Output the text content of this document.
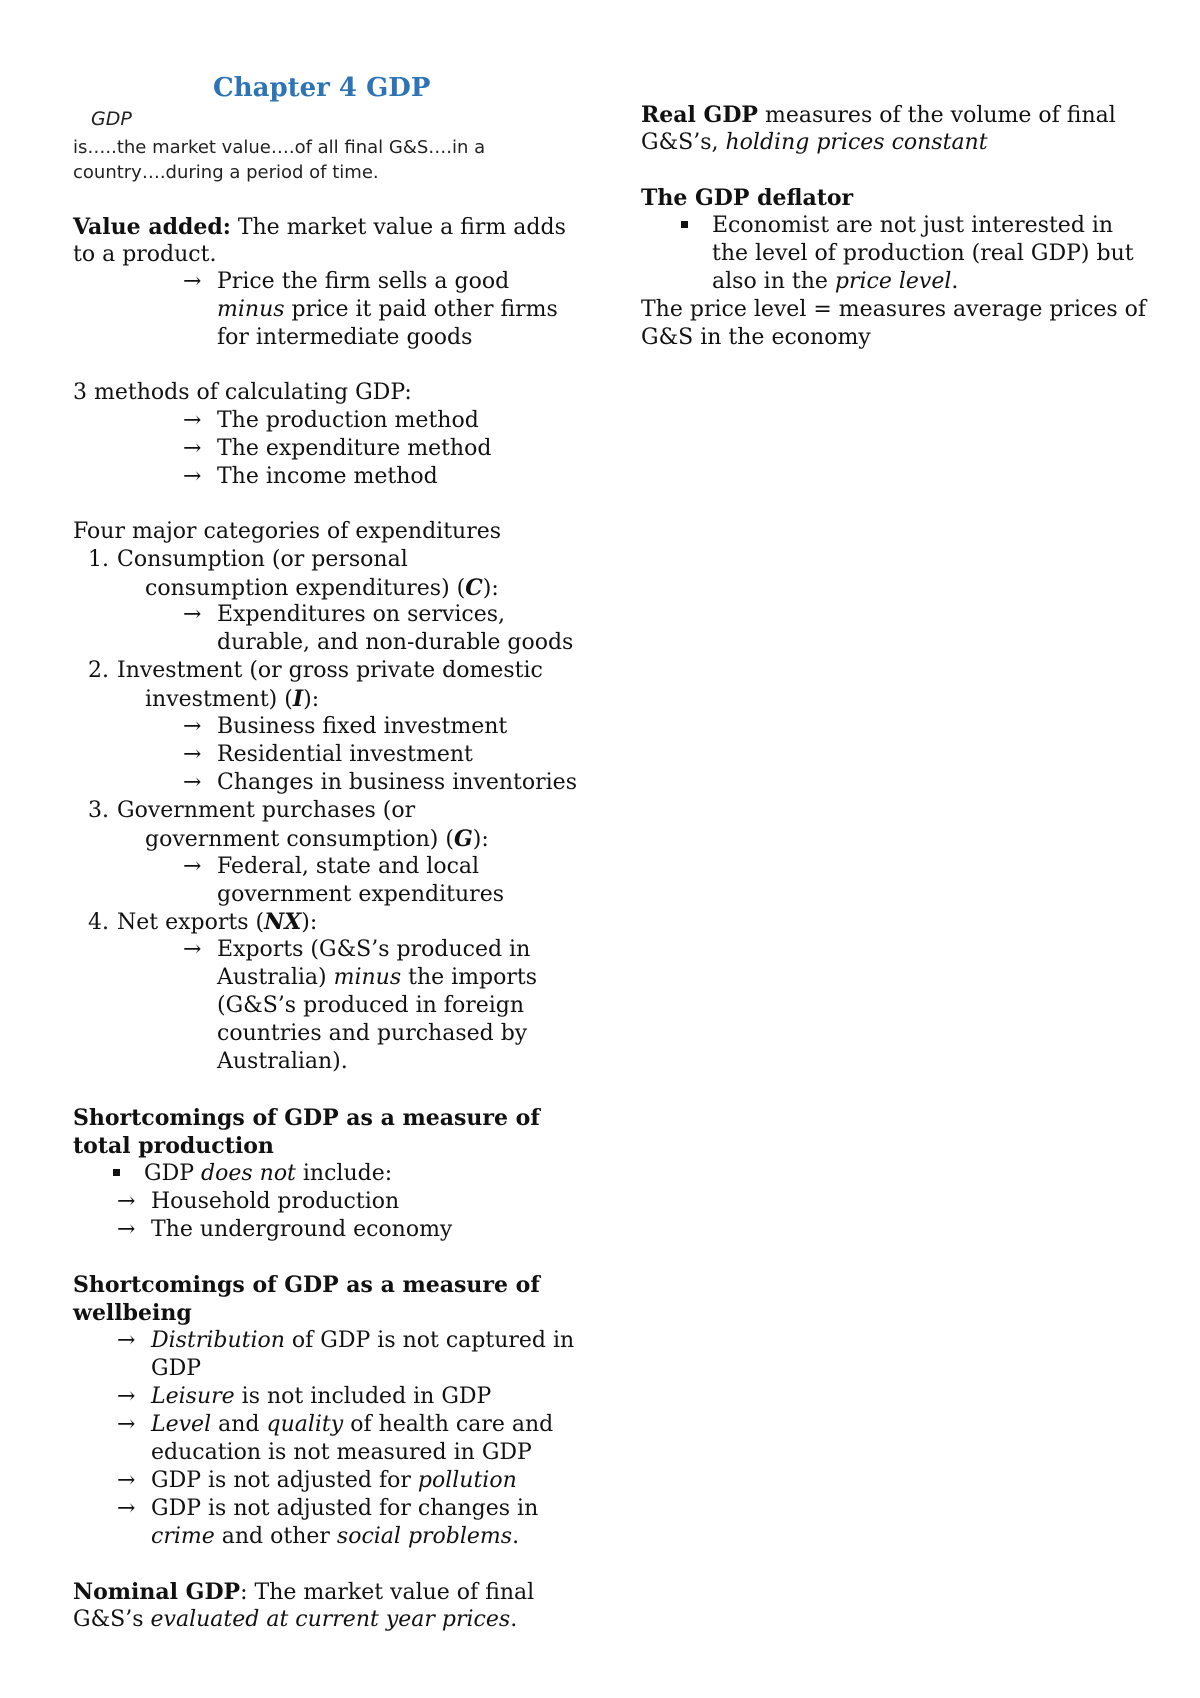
Chapter 4 GDP
GDP
is…..the market value….of all final G&S….in a
country….during a period of time.
Value added: The market value a firm adds
to a product.
→ Price the firm sells a good
minus price it paid other firms
for intermediate goods
3 methods of calculating GDP:
→ The production method
→ The expenditure method
→ The income method
Four major categories of expenditures
1. Consumption (or personal
consumption expenditures) (C):
→ Expenditures on services,
durable, and non-durable goods
2. Investment (or gross private domestic
investment) (I):
→ Business fixed investment
→ Residential investment
→ Changes in business inventories
3. Government purchases (or
government consumption) (G):
→ Federal, state and local
government expenditures
4. Net exports (NX):
→ Exports (G&S’s produced in
Australia) minus the imports
(G&S’s produced in foreign
countries and purchased by
Australian).
Shortcomings of GDP as a measure of
total production
GDP does not include:
→ Household production
→ The underground economy
Shortcomings of GDP as a measure of
wellbeing
→ Distribution of GDP is not captured in
GDP
→ Leisure is not included in GDP
→ Level and quality of health care and
education is not measured in GDP
→ GDP is not adjusted for pollution
→ GDP is not adjusted for changes in
crime and other social problems.
Nominal GDP: The market value of final
G&S’s evaluated at current year prices.
Real GDP measures of the volume of final
G&S’s, holding prices constant
The GDP deflator
Economist are not just interested in
the level of production (real GDP) but
also in the price level.
The price level = measures average prices of
G&S in the economy
